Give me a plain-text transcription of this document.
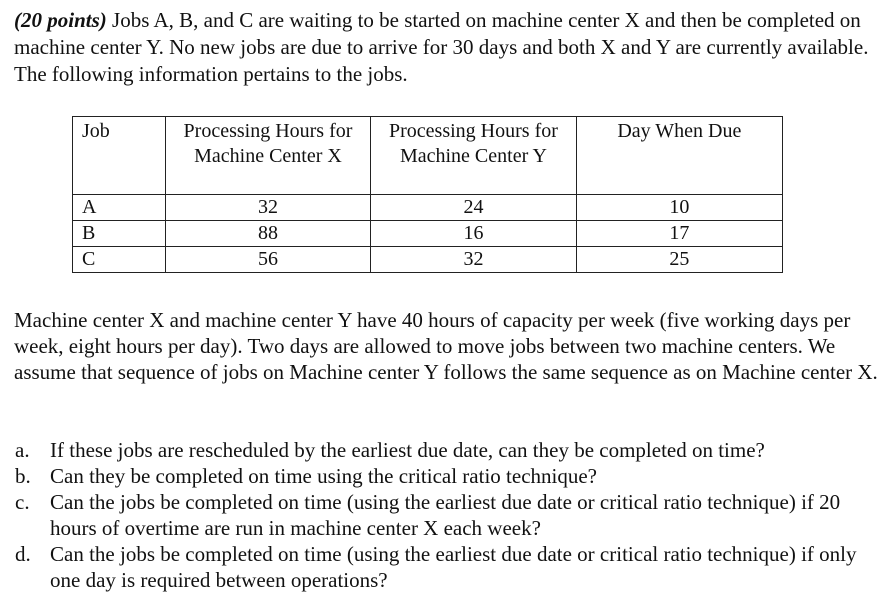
(20 points) Jobs A, B, and C are waiting to be started on machine center X and then be completed on machine center Y. No new jobs are due to arrive for 30 days and both X and Y are currently available. The following information pertains to the jobs.
Job	Processing Hours for Machine Center X	Processing Hours for Machine Center Y	Day When Due
A	32	24	10
B	88	16	17
C	56	32	25
Machine center X and machine center Y have 40 hours of capacity per week (five working days per week, eight hours per day). Two days are allowed to move jobs between two machine centers. We assume that sequence of jobs on Machine center Y follows the same sequence as on Machine center X.
a. If these jobs are rescheduled by the earliest due date, can they be completed on time?
b. Can they be completed on time using the critical ratio technique?
c. Can the jobs be completed on time (using the earliest due date or critical ratio technique) if 20 hours of overtime are run in machine center X each week?
d. Can the jobs be completed on time (using the earliest due date or critical ratio technique) if only one day is required between operations?
